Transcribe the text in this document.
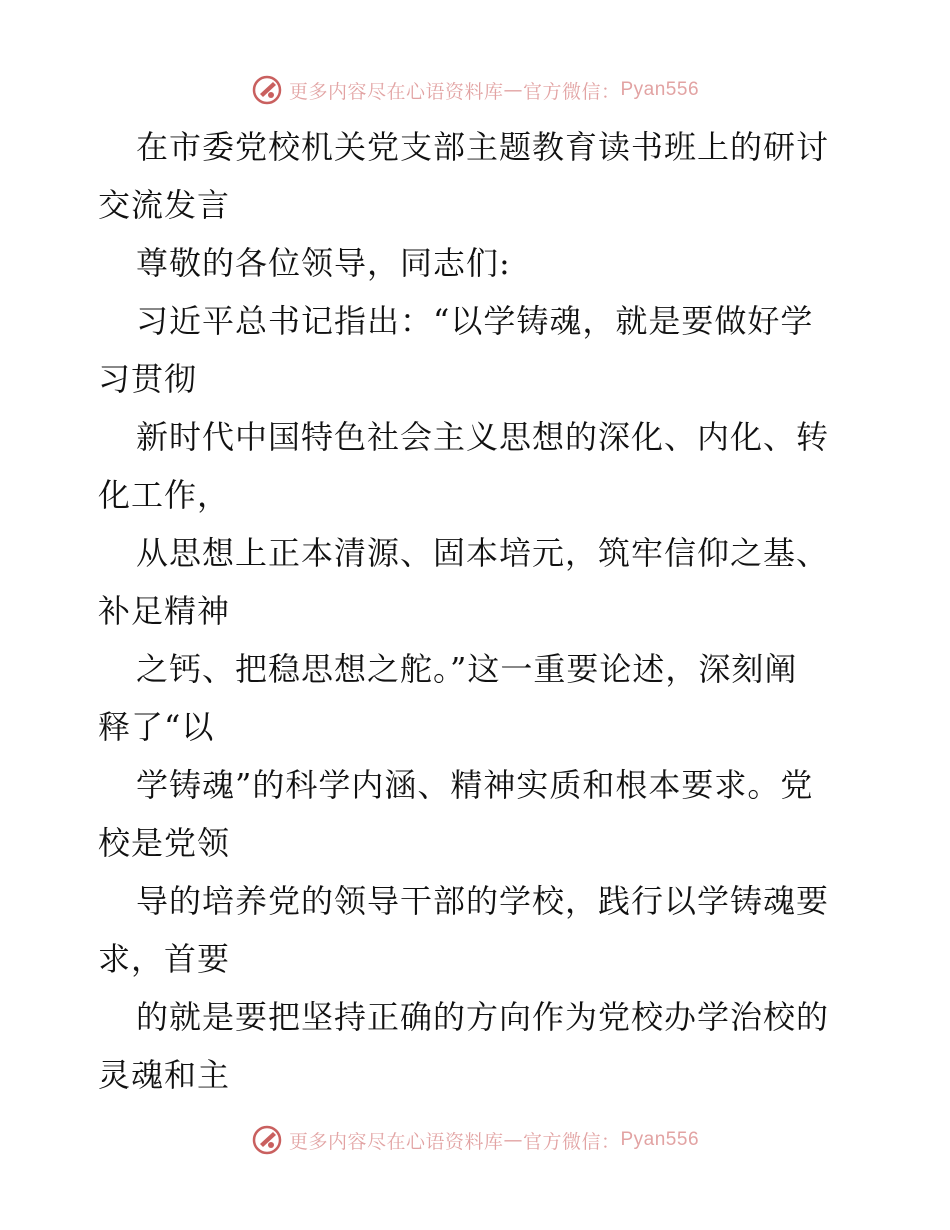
更多内容尽在心语资料库 — 官方微信： Pyan556
在市委党校机关党支部主题教育读书班上的研讨
交流发言
尊敬的各位领导，同志们:
习近平总书记指出：“以学铸魂，就是要做好学
习贯彻
新时代中国特色社会主义思想的深化、内化、转
化工作，
从思想上正本清源、固本培元，筑牢信仰之基、
补足精神
之钙、把稳思想之舵。”这一重要论述，深刻阐
释了“以
学铸魂”的科学内涵、精神实质和根本要求。党
校是党领
导的培养党的领导干部的学校，践行以学铸魂要
求，首要
的就是要把坚持正确的方向作为党校办学治校的
灵魂和主
更多内容尽在心语资料库 — 官方微信： Pyan556
